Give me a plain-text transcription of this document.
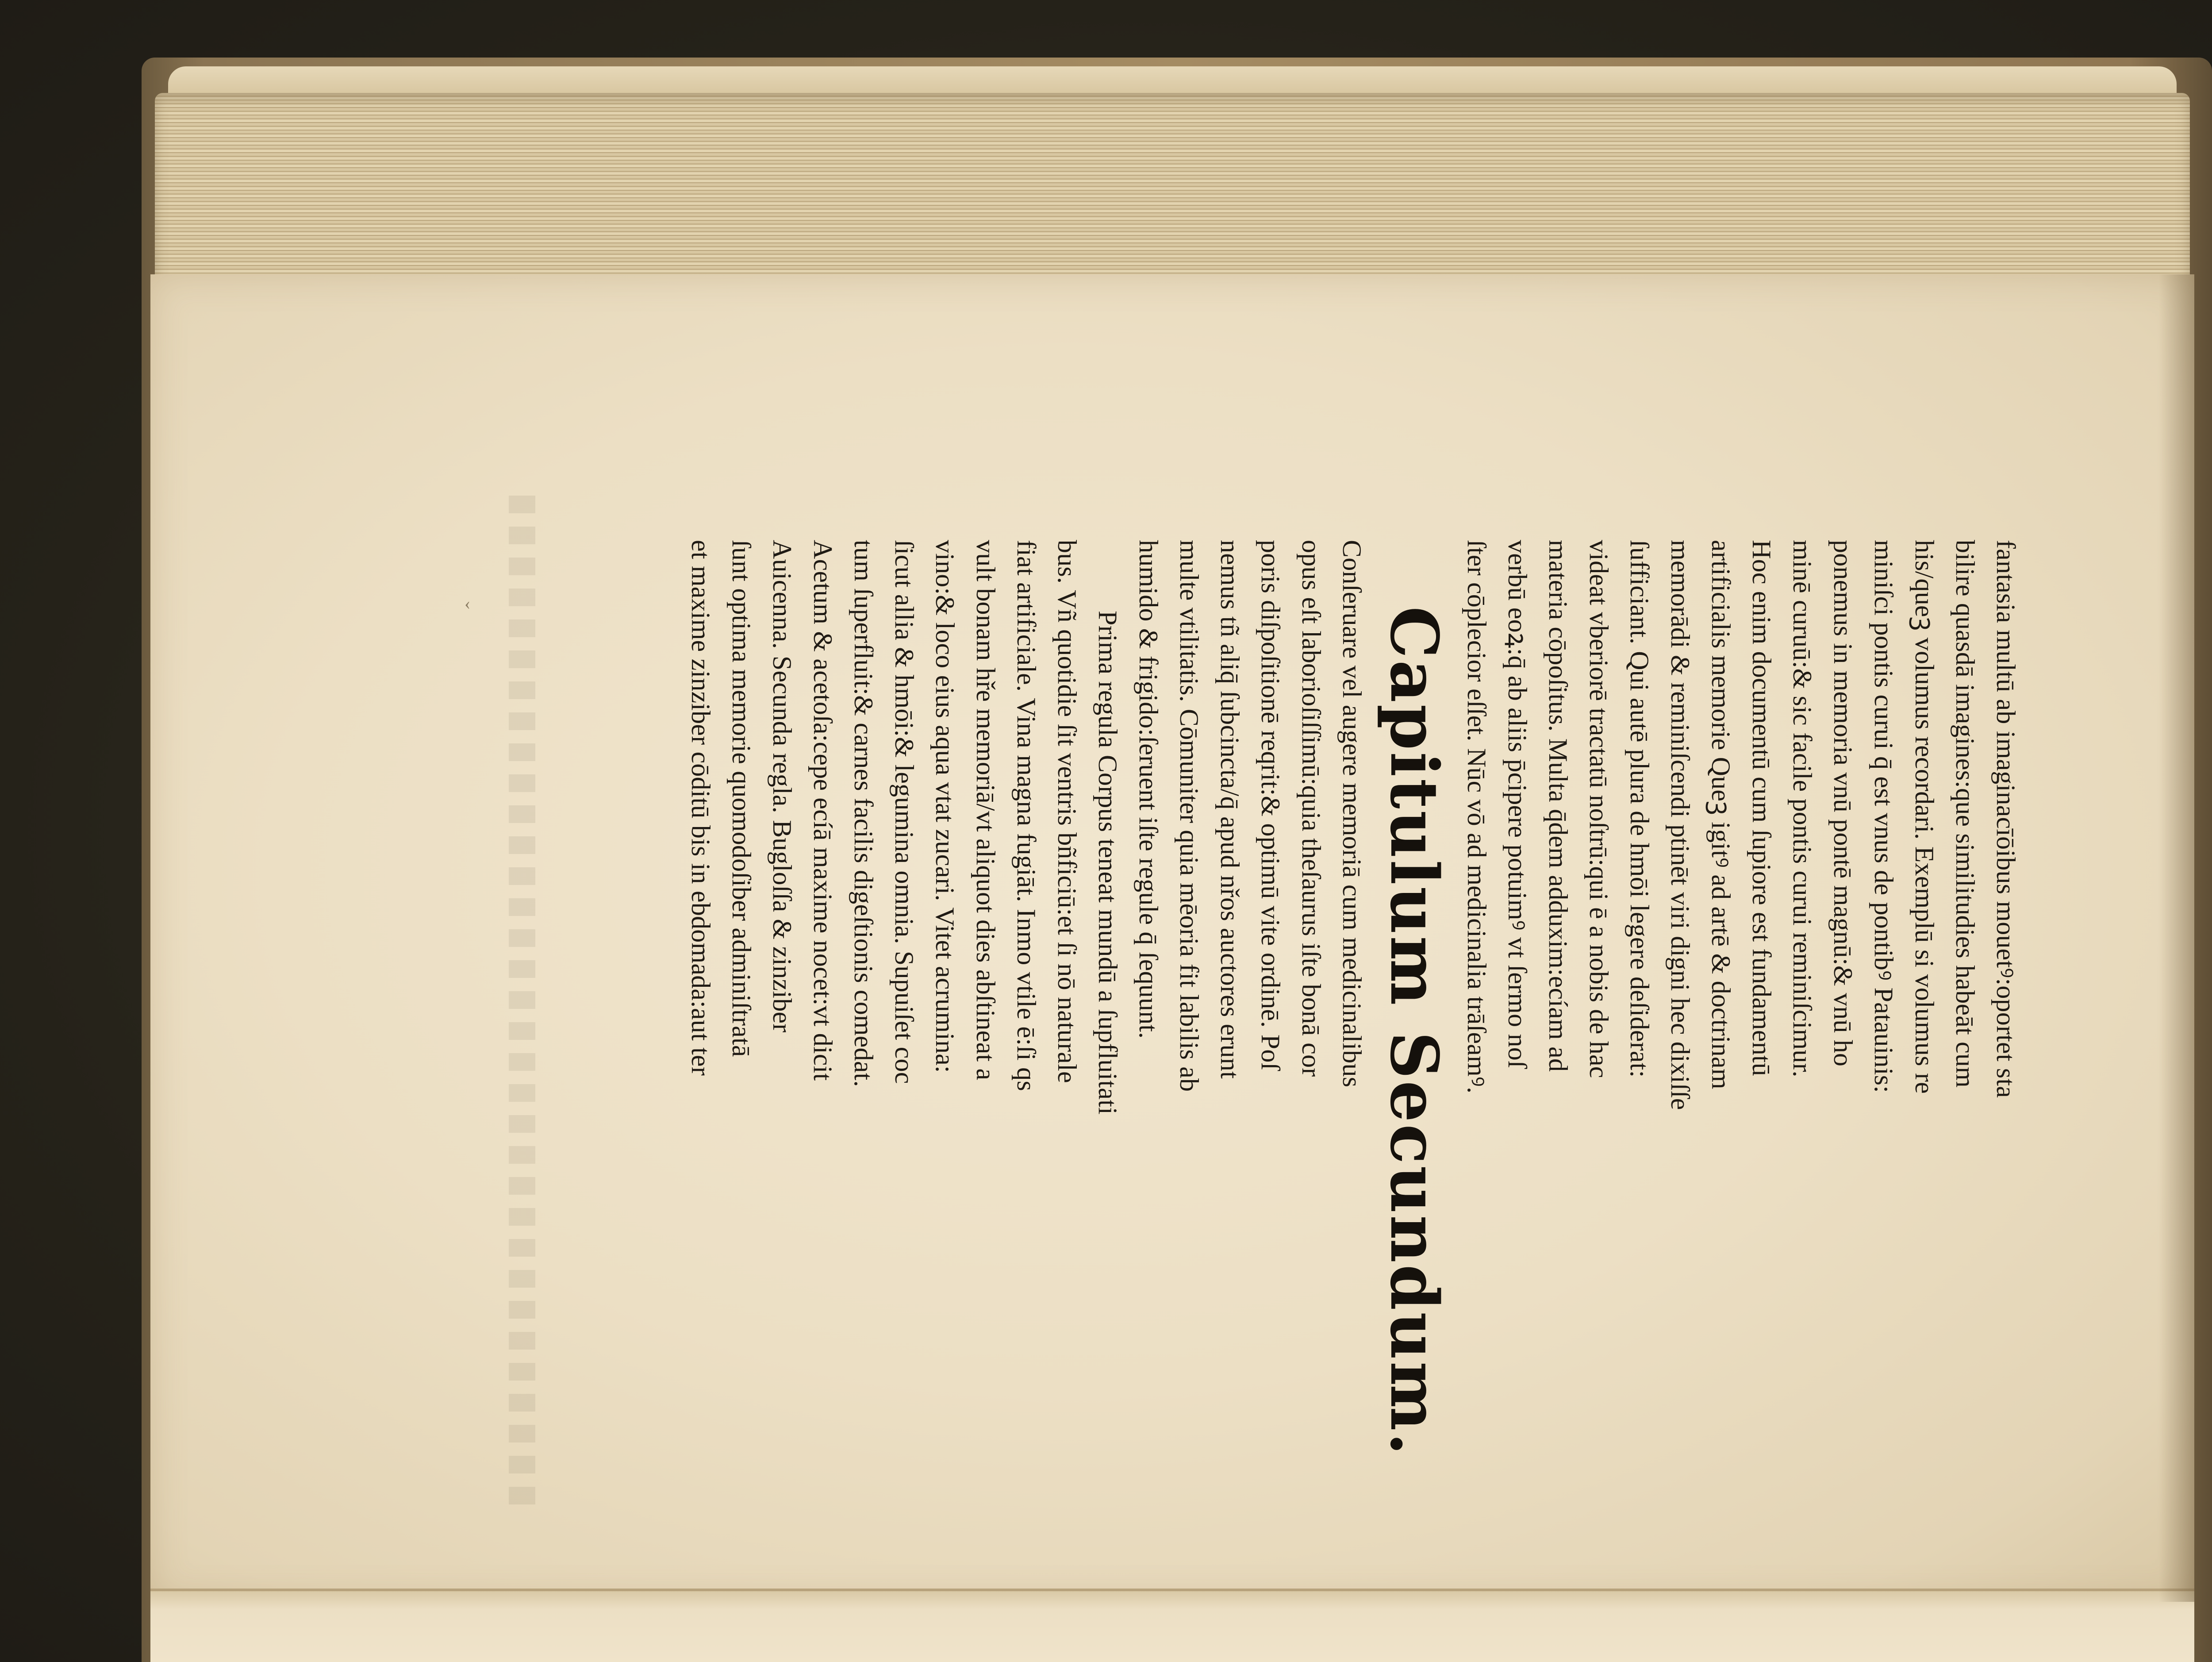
‹	fantasia multū ab imaginacīōibus mouetꝰ:oportet sta
bilire quasdā imagines:que similitudies habeāt cum
his/queꝫ volumus recordari. Exemplū si volumus re
miniſci pontis curui q̄ est vnus de pontibꝰ Patauinis:
ponemus in memoria vnū pontē magnū:& vnū ho
minē curuū:& sic facile pontis curui reminiſcimur.
Hoc enim documentū cum ſupiore est fundamentū
artificialis memorie Queꝫ igitꝰ ad artē & doctrinam
memorādi & reminiſcendi ptinēt viri digni hec dixiſſe
ſufficiant. Qui autē plura de hmōi legere deſiderat:
videat vberiorē tractatū noſtrū:qui ē a nobis de hac
materia cōpoſitus. Multa q̄dem adduxim:ecíam ad
verbū eoꝝ:q̄ ab aliis p̄cipere potuimꝰ vt ſermo noſ
ſter cōplecior eſſet. Nūc vō ad medicinalia trāſeamꝰ.
Capitulum Secundum.
Conſeruare vel augere memoriā cum medicinalibus
opus eſt laborioſiſſimū:quia theſaurus iſte bonā cor
poris diſpoſitionē reqrit:& optimū vite ordinē. Poſ
nemus tñ aliq̄ ſubcincta/q̄ apud nřos auctores erunt
multe vtilitatis. Cōmuniter quia mēoria fit labilis ab
humido & frigido:ſeruent iſte regule q̄ ſequunt.
Prima regula Corpus teneat mundū a ſupfluitati
bus. Vñ quotidie ſit ventris bñficiū:et ſi nō naturale
fiat artificiale. Vina magna fugiāt. Inmo vtile ē:ſi qs
vult bonam hře memoriā/vt aliquot dies abſtineat a
vino:& loco eius aqua vtat zucari. Vitet acrumina:
ſicut allia & hmōi:& legumina omnia. Supuiſet coc
tum ſuperfluit:& carnes facilis digeſtionis comedat.
Acetum & acetoſa:cepe ecíā maxime nocet:vt dicit
Auicenna. Secunda regla. Bugloſſa & zinziber
ſunt optima memorie quomodoſiber adminiſtratā
et maxime zinziber cōditū bis in ebdomada:aut ter
